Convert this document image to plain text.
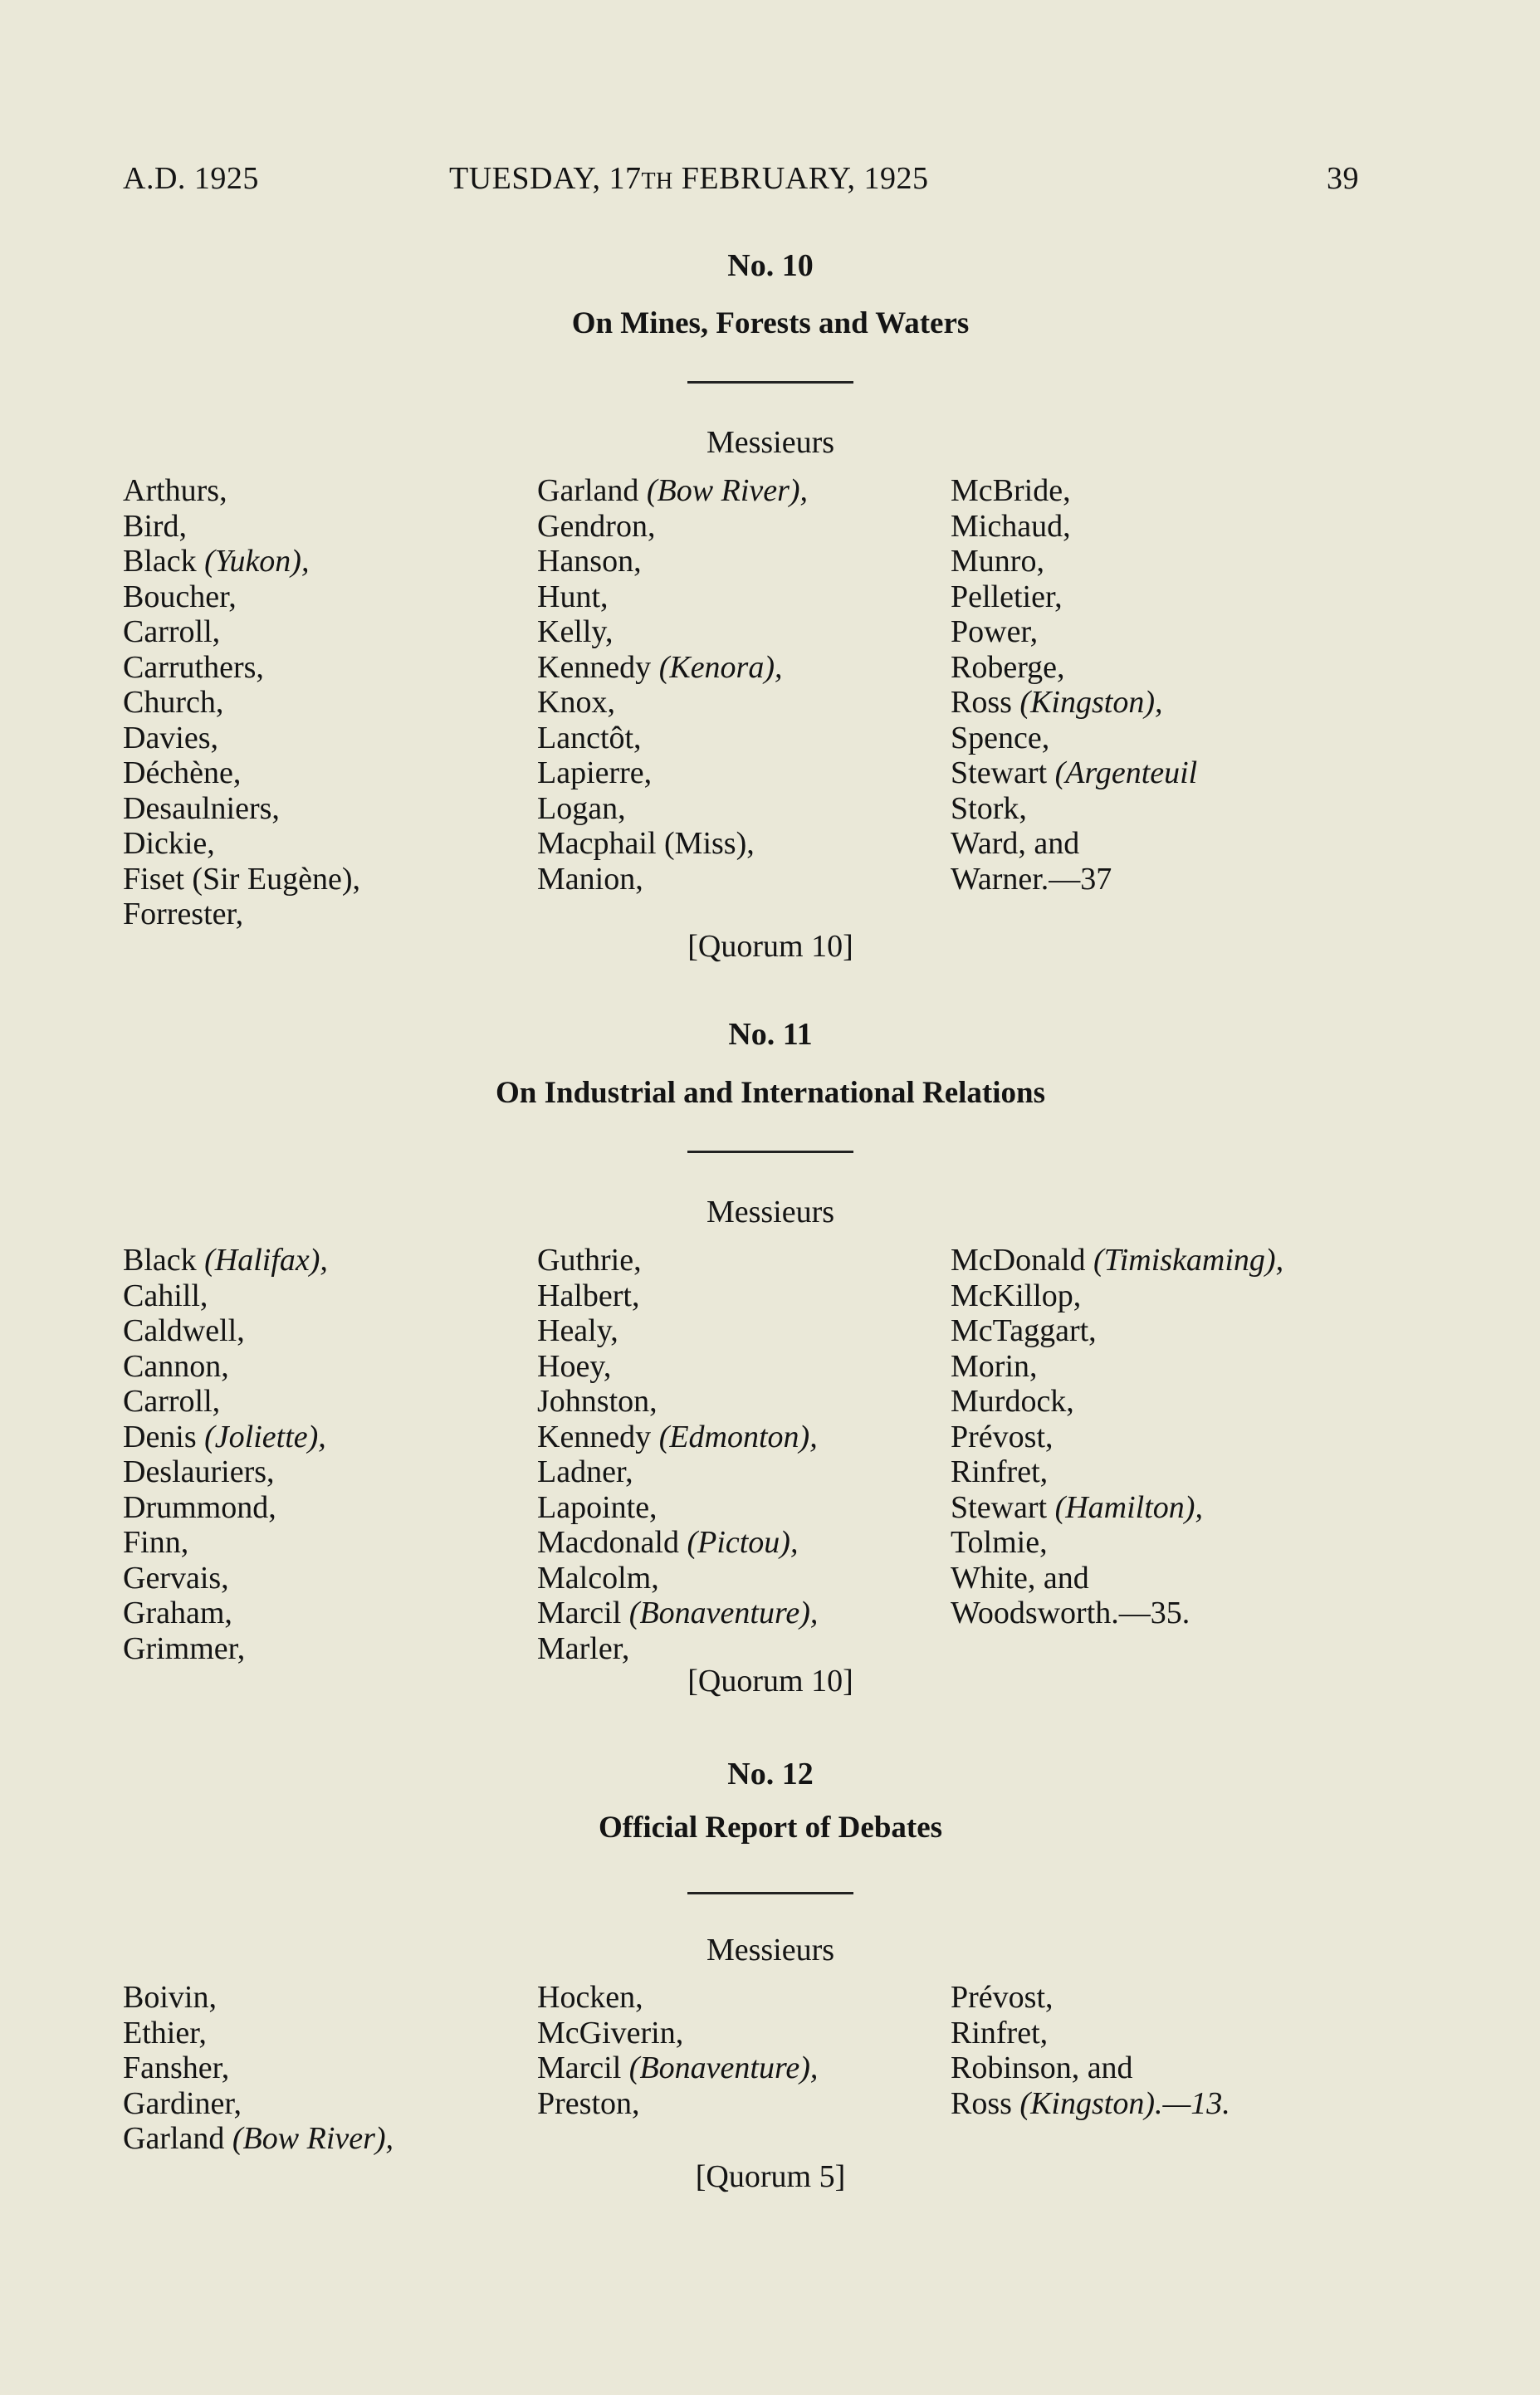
A.D. 1925	TUESDAY, 17TH FEBRUARY, 1925	39
No. 10
On Mines, Forests and Waters
Messieurs
Arthurs,
Bird,
Black (Yukon),
Boucher,
Carroll,
Carruthers,
Church,
Davies,
Déchène,
Desaulniers,
Dickie,
Fiset (Sir Eugène),
Forrester,
Garland (Bow River),
Gendron,
Hanson,
Hunt,
Kelly,
Kennedy (Kenora),
Knox,
Lanctôt,
Lapierre,
Logan,
Macphail (Miss),
Manion,
McBride,
Michaud,
Munro,
Pelletier,
Power,
Roberge,
Ross (Kingston),
Spence,
Stewart (Argenteuil
Stork,
Ward, and
Warner.—37
[Quorum 10]
No. 11
On Industrial and International Relations
Messieurs
Black (Halifax),
Cahill,
Caldwell,
Cannon,
Carroll,
Denis (Joliette),
Deslauriers,
Drummond,
Finn,
Gervais,
Graham,
Grimmer,
Guthrie,
Halbert,
Healy,
Hoey,
Johnston,
Kennedy (Edmonton),
Ladner,
Lapointe,
Macdonald (Pictou),
Malcolm,
Marcil (Bonaventure),
Marler,
McDonald (Timiskaming),
McKillop,
McTaggart,
Morin,
Murdock,
Prévost,
Rinfret,
Stewart (Hamilton),
Tolmie,
White, and
Woodsworth.—35.
[Quorum 10]
No. 12
Official Report of Debates
Messieurs
Boivin,
Ethier,
Fansher,
Gardiner,
Garland (Bow River),
Hocken,
McGiverin,
Marcil (Bonaventure),
Preston,
Prévost,
Rinfret,
Robinson, and
Ross (Kingston).—13.
[Quorum 5]
